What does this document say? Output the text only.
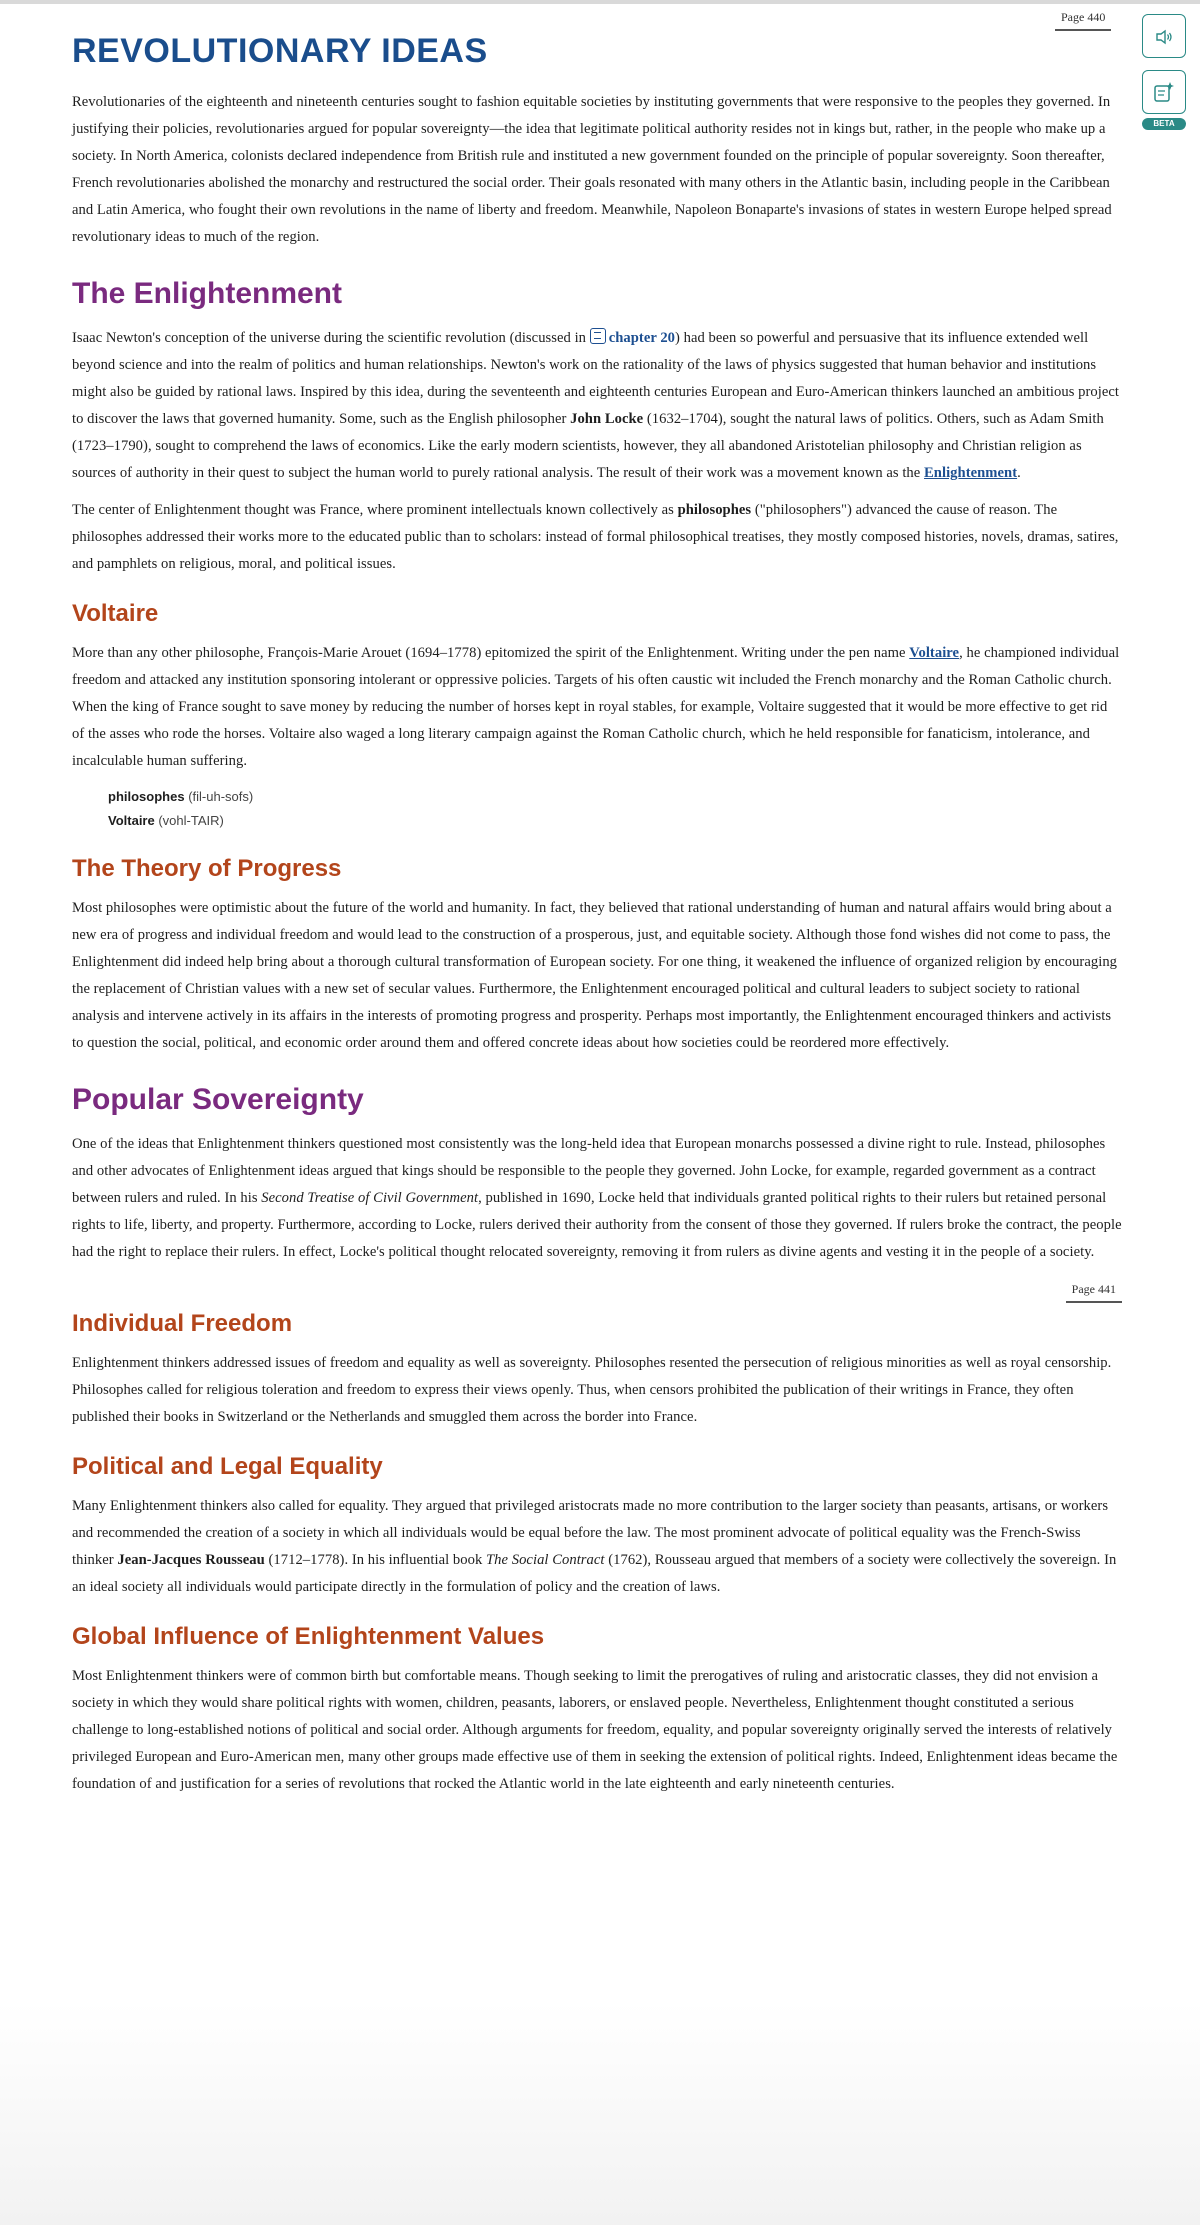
Page 440
BETA
REVOLUTIONARY IDEAS

Revolutionaries of the eighteenth and nineteenth centuries sought to fashion equitable societies by instituting governments that were responsive to the peoples they governed. In justifying their policies, revolutionaries argued for popular sovereignty—the idea that legitimate political authority resides not in kings but, rather, in the people who make up a society. In North America, colonists declared independence from British rule and instituted a new government founded on the principle of popular sovereignty. Soon thereafter, French revolutionaries abolished the monarchy and restructured the social order. Their goals resonated with many others in the Atlantic basin, including people in the Caribbean and Latin America, who fought their own revolutions in the name of liberty and freedom. Meanwhile, Napoleon Bonaparte's invasions of states in western Europe helped spread revolutionary ideas to much of the region.

The Enlightenment

Isaac Newton's conception of the universe during the scientific revolution (discussed in chapter 20) had been so powerful and persuasive that its influence extended well beyond science and into the realm of politics and human relationships. Newton's work on the rationality of the laws of physics suggested that human behavior and institutions might also be guided by rational laws. Inspired by this idea, during the seventeenth and eighteenth centuries European and Euro-American thinkers launched an ambitious project to discover the laws that governed humanity. Some, such as the English philosopher John Locke (1632–1704), sought the natural laws of politics. Others, such as Adam Smith (1723–1790), sought to comprehend the laws of economics. Like the early modern scientists, however, they all abandoned Aristotelian philosophy and Christian religion as sources of authority in their quest to subject the human world to purely rational analysis. The result of their work was a movement known as the Enlightenment.

The center of Enlightenment thought was France, where prominent intellectuals known collectively as philosophes ("philosophers") advanced the cause of reason. The philosophes addressed their works more to the educated public than to scholars: instead of formal philosophical treatises, they mostly composed histories, novels, dramas, satires, and pamphlets on religious, moral, and political issues.

Voltaire

More than any other philosophe, François-Marie Arouet (1694–1778) epitomized the spirit of the Enlightenment. Writing under the pen name Voltaire, he championed individual freedom and attacked any institution sponsoring intolerant or oppressive policies. Targets of his often caustic wit included the French monarchy and the Roman Catholic church. When the king of France sought to save money by reducing the number of horses kept in royal stables, for example, Voltaire suggested that it would be more effective to get rid of the asses who rode the horses. Voltaire also waged a long literary campaign against the Roman Catholic church, which he held responsible for fanaticism, intolerance, and incalculable human suffering.

philosophes (fil-uh-sofs)
Voltaire (vohl-TAIR)
The Theory of Progress

Most philosophes were optimistic about the future of the world and humanity. In fact, they believed that rational understanding of human and natural affairs would bring about a new era of progress and individual freedom and would lead to the construction of a prosperous, just, and equitable society. Although those fond wishes did not come to pass, the Enlightenment did indeed help bring about a thorough cultural transformation of European society. For one thing, it weakened the influence of organized religion by encouraging the replacement of Christian values with a new set of secular values. Furthermore, the Enlightenment encouraged political and cultural leaders to subject society to rational analysis and intervene actively in its affairs in the interests of promoting progress and prosperity. Perhaps most importantly, the Enlightenment encouraged thinkers and activists to question the social, political, and economic order around them and offered concrete ideas about how societies could be reordered more effectively.

Popular Sovereignty

One of the ideas that Enlightenment thinkers questioned most consistently was the long-held idea that European monarchs possessed a divine right to rule. Instead, philosophes and other advocates of Enlightenment ideas argued that kings should be responsible to the people they governed. John Locke, for example, regarded government as a contract between rulers and ruled. In his Second Treatise of Civil Government, published in 1690, Locke held that individuals granted political rights to their rulers but retained personal rights to life, liberty, and property. Furthermore, according to Locke, rulers derived their authority from the consent of those they governed. If rulers broke the contract, the people had the right to replace their rulers. In effect, Locke's political thought relocated sovereignty, removing it from rulers as divine agents and vesting it in the people of a society.

Page 441
Individual Freedom

Enlightenment thinkers addressed issues of freedom and equality as well as sovereignty. Philosophes resented the persecution of religious minorities as well as royal censorship. Philosophes called for religious toleration and freedom to express their views openly. Thus, when censors prohibited the publication of their writings in France, they often published their books in Switzerland or the Netherlands and smuggled them across the border into France.

Political and Legal Equality

Many Enlightenment thinkers also called for equality. They argued that privileged aristocrats made no more contribution to the larger society than peasants, artisans, or workers and recommended the creation of a society in which all individuals would be equal before the law. The most prominent advocate of political equality was the French-Swiss thinker Jean-Jacques Rousseau (1712–1778). In his influential book The Social Contract (1762), Rousseau argued that members of a society were collectively the sovereign. In an ideal society all individuals would participate directly in the formulation of policy and the creation of laws.

Global Influence of Enlightenment Values

Most Enlightenment thinkers were of common birth but comfortable means. Though seeking to limit the prerogatives of ruling and aristocratic classes, they did not envision a society in which they would share political rights with women, children, peasants, laborers, or enslaved people. Nevertheless, Enlightenment thought constituted a serious challenge to long-established notions of political and social order. Although arguments for freedom, equality, and popular sovereignty originally served the interests of relatively privileged European and Euro-American men, many other groups made effective use of them in seeking the extension of political rights. Indeed, Enlightenment ideas became the foundation of and justification for a series of revolutions that rocked the Atlantic world in the late eighteenth and early nineteenth centuries.
